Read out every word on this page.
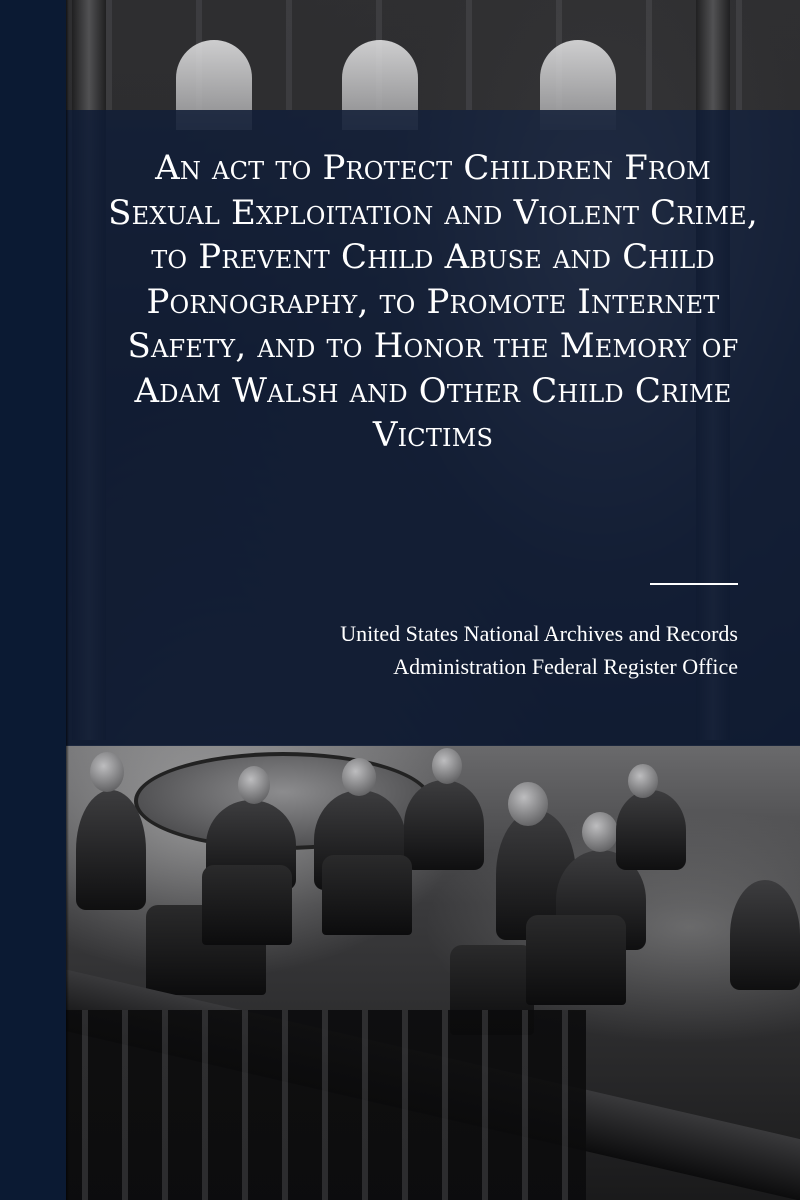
An act to Protect Children From Sexual Exploitation and Violent Crime, to Prevent Child Abuse and Child Pornography, to Promote Internet Safety, and to Honor the Memory of Adam Walsh and Other Child Crime Victims

United States National Archives and Records
Administration Federal Register Office
